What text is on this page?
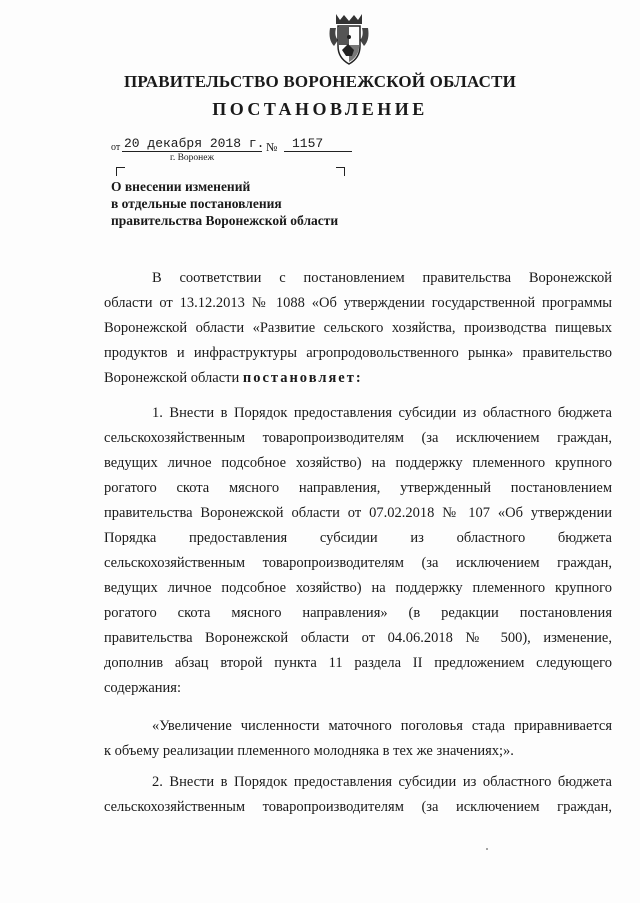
ПРАВИТЕЛЬСТВО ВОРОНЕЖСКОЙ ОБЛАСТИ
ПОСТАНОВЛЕНИЕ
от 20 декабря 2018 г. № 1157
г. Воронеж
О внесении изменений
в отдельные постановления
правительства Воронежской области
В соответствии с постановлением правительства Воронежской
области от 13.12.2013 № 1088 «Об утверждении государственной программы
Воронежской области «Развитие сельского хозяйства, производства пищевых
продуктов и инфраструктуры агропродовольственного рынка» правительство
Воронежской области постановляет:
1. Внести в Порядок предоставления субсидии из областного бюджета
сельскохозяйственным товаропроизводителям (за исключением граждан,
ведущих личное подсобное хозяйство) на поддержку племенного крупного
рогатого скота мясного направления, утвержденный постановлением
правительства Воронежской области от 07.02.2018 № 107 «Об утверждении
Порядка предоставления субсидии из областного бюджета
сельскохозяйственным товаропроизводителям (за исключением граждан,
ведущих личное подсобное хозяйство) на поддержку племенного крупного
рогатого скота мясного направления» (в редакции постановления
правительства Воронежской области от 04.06.2018 № 500), изменение,
дополнив абзац второй пункта 11 раздела II предложением следующего
содержания:
«Увеличение численности маточного поголовья стада приравнивается
к объему реализации племенного молодняка в тех же значениях;».
2. Внести в Порядок предоставления субсидии из областного бюджета
сельскохозяйственным товаропроизводителям (за исключением граждан,
